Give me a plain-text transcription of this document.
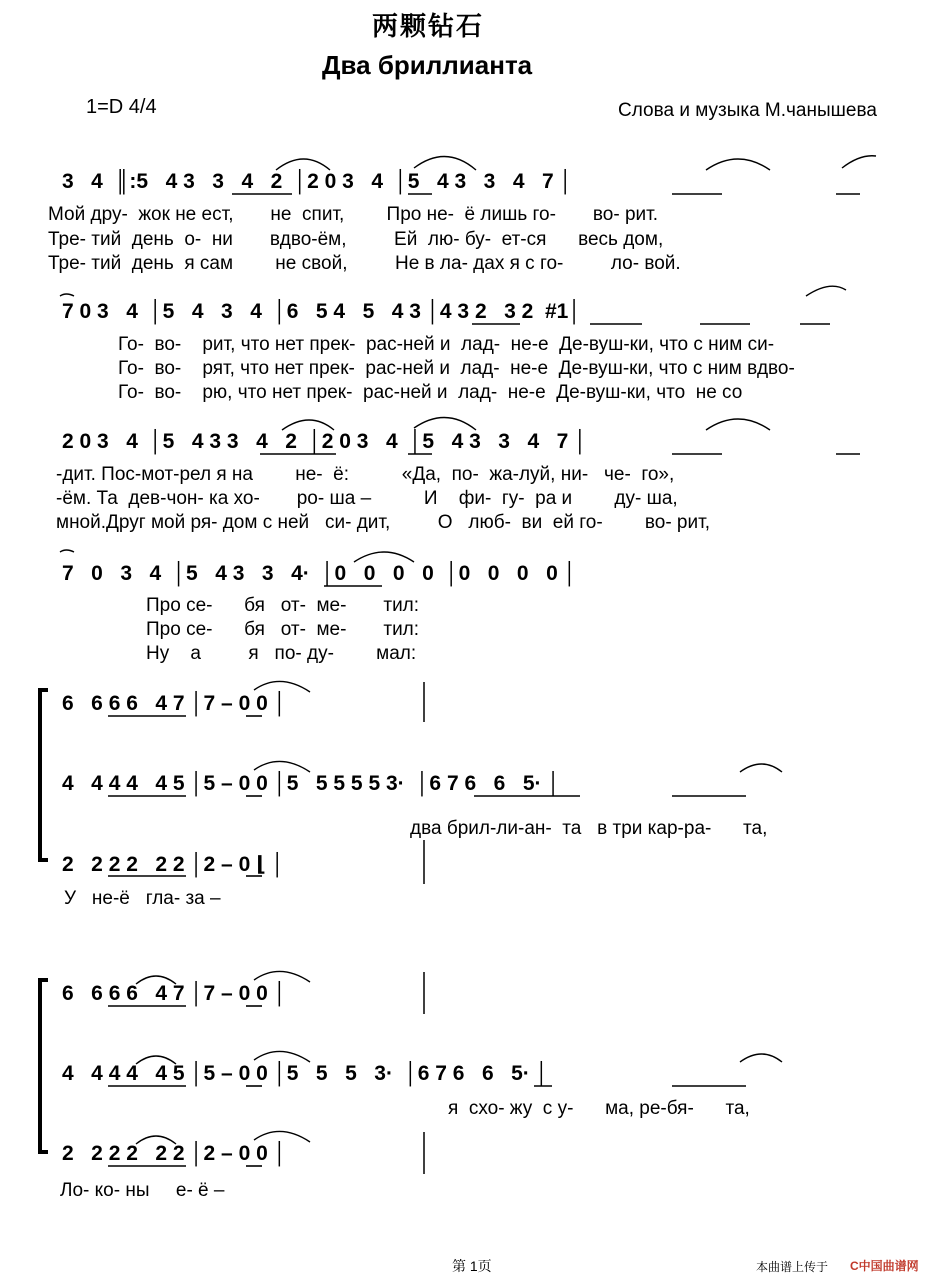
两颗钻石
Два бриллианта
1=D 4/4	Слова и музыка М.чанышева
3   4  ║:5   4 3   3   4   2  │2 0 3   4  │5   4 3   3   4   7 │
Мой дру-  жок не ест,       не  спит,        Про не-  ё лишь го-       во- рит.
Тре- тий  день  о-  ни       вдво-ём,         Ей  лю- бу-  ет-ся      весь дом,
Тре- тий  день  я сам        не свой,         Не в ла- дах я с го-         ло- вой.
7 0 3   4  │5   4   3   4  │6   5 4   5   4 3 │4 3 2   3 2  #1│
Го-  во-    рит, что нет прек-  рас-ней и  лад-  не-е  Де-вуш-ки, что с ним си-
Го-  во-    рят, что нет прек-  рас-ней и  лад-  не-е  Де-вуш-ки, что с ним вдво-
Го-  во-    рю, что нет прек-  рас-ней и  лад-  не-е  Де-вуш-ки, что  не со
2 0 3   4  │5   4 3 3   4   2  │2 0 3   4  │5   4 3   3   4   7 │
-дит. Пос-мот-рел я на        не-  ё:          «Да,  по-  жа-луй, ни-   че-  го»,
-ём. Та  дев-чон- ка хо-       ро- ша –          И    фи-  гу-  ра и        ду- ша,
мной.Друг мой ря- дом с ней   си- дит,         О   люб-  ви  ей го-        во- рит,
7   0   3   4  │5   4 3   3   4·  │0   0   0   0  │0   0   0   0 │
Про се-      бя   от-  ме-       тил:
Про се-      бя   от-  ме-       тил:
Ну    а         я   по- ду-        мал:
6   6 6 6   4 7 │7 – 0 0 │
4   4 4 4   4 5 │5 – 0 0 │5   5 5 5 5 3·  │6 7 6   6   5· │
два брил-ли-ан-  та   в три кар-ра-      та,
2   2 2 2   2 2 │2 – 0 ⌊ │
У   не-ё   гла- за –
6   6 6 6   4 7 │7 – 0 0 │
4   4 4 4   4 5 │5 – 0 0 │5   5   5   3·  │6 7 6   6   5· │
я  схо- жу  с у-      ма, ре-бя-      та,
2   2 2 2   2 2 │2 – 0 0 │
Ло- ко- ны     е- ё –
第 1页	本曲谱上传于 C中国曲谱网
